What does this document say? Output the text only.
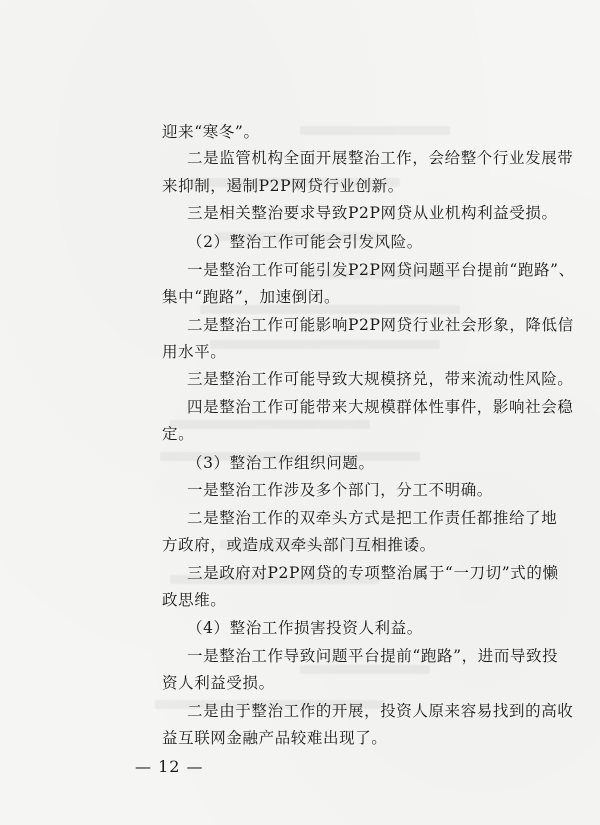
迎来“寒冬”。
二是监管机构全面开展整治工作，会给整个行业发展带
来抑制，遏制P2P网贷行业创新。
三是相关整治要求导致P2P网贷从业机构利益受损。
（2）整治工作可能会引发风险。
一是整治工作可能引发P2P网贷问题平台提前“跑路”、
集中“跑路”，加速倒闭。
二是整治工作可能影响P2P网贷行业社会形象，降低信
用水平。
三是整治工作可能导致大规模挤兑，带来流动性风险。
四是整治工作可能带来大规模群体性事件，影响社会稳
定。
（3）整治工作组织问题。
一是整治工作涉及多个部门，分工不明确。
二是整治工作的双牵头方式是把工作责任都推给了地
方政府，或造成双牵头部门互相推诿。
三是政府对P2P网贷的专项整治属于“一刀切”式的懒
政思维。
（4）整治工作损害投资人利益。
一是整治工作导致问题平台提前“跑路”，进而导致投
资人利益受损。
二是由于整治工作的开展，投资人原来容易找到的高收
益互联网金融产品较难出现了。
— 12 —
